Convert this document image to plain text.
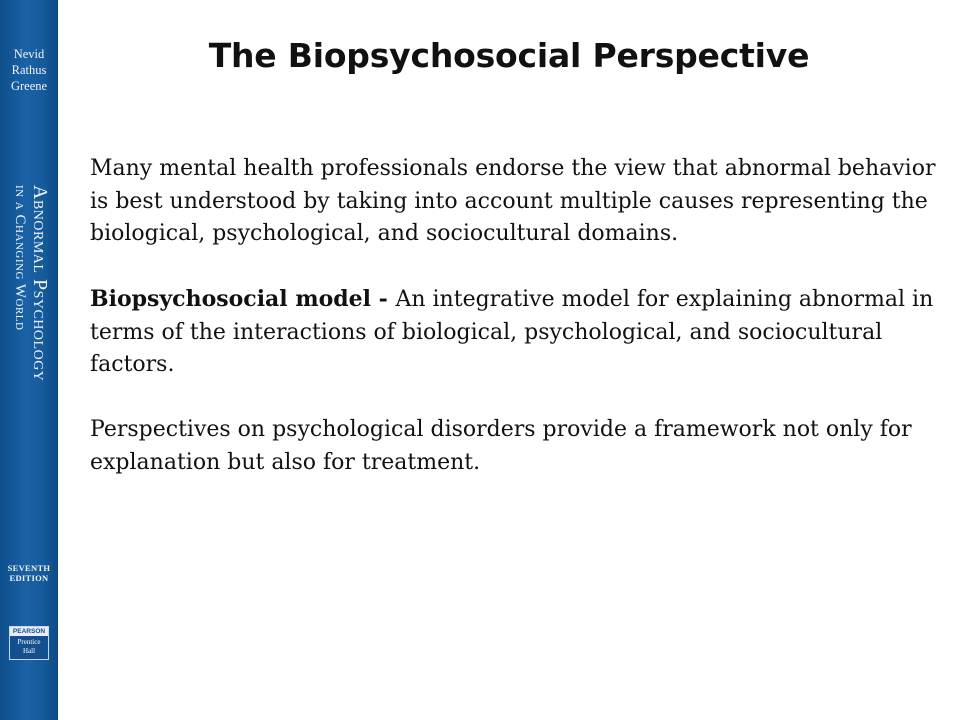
Nevid
Rathus
Greene
Abnormal Psychology
in a Changing World
SEVENTH
EDITION
PEARSON
Prentice
Hall
The Biopsychosocial Perspective

Many mental health professionals endorse the view that abnormal behavior is best understood by taking into account multiple causes representing the biological, psychological, and sociocultural domains.

Biopsychosocial model - An integrative model for explaining abnormal in terms of the interactions of biological, psychological, and sociocultural factors.

Perspectives on psychological disorders provide a framework not only for explanation but also for treatment.
